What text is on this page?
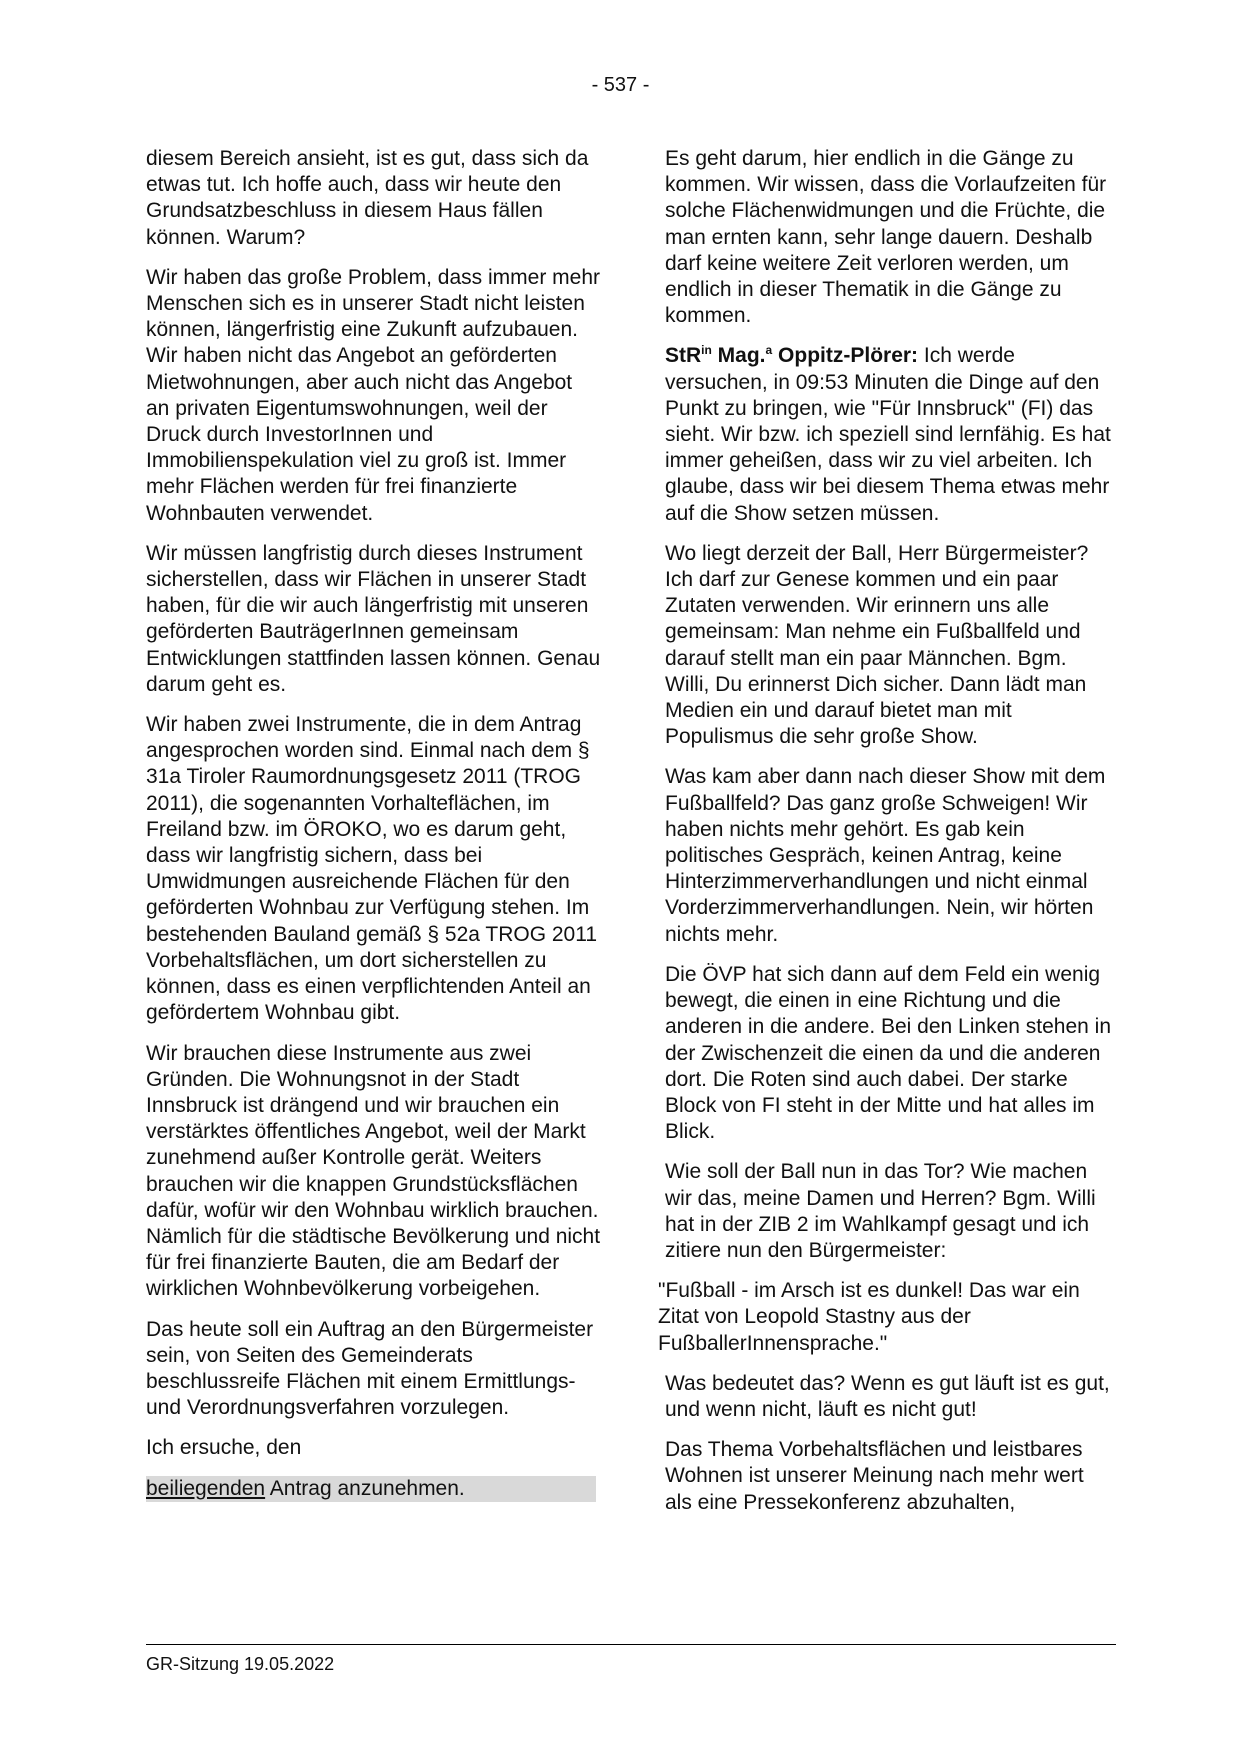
- 537 -

diesem Bereich ansieht, ist es gut, dass sich da etwas tut. Ich hoffe auch, dass wir heute den Grundsatzbeschluss in diesem Haus fällen können. Warum?

Wir haben das große Problem, dass immer mehr Menschen sich es in unserer Stadt nicht leisten können, längerfristig eine Zukunft aufzubauen. Wir haben nicht das Angebot an geförderten Mietwohnungen, aber auch nicht das Angebot an privaten Eigentumswohnungen, weil der Druck durch InvestorInnen und Immobilienspekulation viel zu groß ist. Immer mehr Flächen werden für frei finanzierte Wohnbauten verwendet.

Wir müssen langfristig durch dieses Instrument sicherstellen, dass wir Flächen in unserer Stadt haben, für die wir auch längerfristig mit unseren geförderten BauträgerInnen gemeinsam Entwicklungen stattfinden lassen können. Genau darum geht es.

Wir haben zwei Instrumente, die in dem Antrag angesprochen worden sind. Einmal nach dem § 31a Tiroler Raumordnungsgesetz 2011 (TROG 2011), die sogenannten Vorhalteflächen, im Freiland bzw. im ÖROKO, wo es darum geht, dass wir langfristig sichern, dass bei Umwidmungen ausreichende Flächen für den geförderten Wohnbau zur Verfügung stehen. Im bestehenden Bauland gemäß § 52a TROG 2011 Vorbehaltsflächen, um dort sicherstellen zu können, dass es einen verpflichtenden Anteil an gefördertem Wohnbau gibt.

Wir brauchen diese Instrumente aus zwei Gründen. Die Wohnungsnot in der Stadt Innsbruck ist drängend und wir brauchen ein verstärktes öffentliches Angebot, weil der Markt zunehmend außer Kontrolle gerät. Weiters brauchen wir die knappen Grundstücksflächen dafür, wofür wir den Wohnbau wirklich brauchen. Nämlich für die städtische Bevölkerung und nicht für frei finanzierte Bauten, die am Bedarf der wirklichen Wohnbevölkerung vorbeigehen.

Das heute soll ein Auftrag an den Bürgermeister sein, von Seiten des Gemeinderats beschlussreife Flächen mit einem Ermittlungs- und Verordnungsverfahren vorzulegen.

Ich ersuche, den

beiliegenden Antrag anzunehmen.

Es geht darum, hier endlich in die Gänge zu kommen. Wir wissen, dass die Vorlaufzeiten für solche Flächenwidmungen und die Früchte, die man ernten kann, sehr lange dauern. Deshalb darf keine weitere Zeit verloren werden, um endlich in dieser Thematik in die Gänge zu kommen.

StR$^{in}$ Mag.$^a$ Oppitz-Plörer: Ich werde versuchen, in 09:53 Minuten die Dinge auf den Punkt zu bringen, wie "Für Innsbruck" (FI) das sieht. Wir bzw. ich speziell sind lernfähig. Es hat immer geheißen, dass wir zu viel arbeiten. Ich glaube, dass wir bei diesem Thema etwas mehr auf die Show setzen müssen.

Wo liegt derzeit der Ball, Herr Bürgermeister? Ich darf zur Genese kommen und ein paar Zutaten verwenden. Wir erinnern uns alle gemeinsam: Man nehme ein Fußballfeld und darauf stellt man ein paar Männchen. Bgm. Willi, Du erinnerst Dich sicher. Dann lädt man Medien ein und darauf bietet man mit Populismus die sehr große Show.

Was kam aber dann nach dieser Show mit dem Fußballfeld? Das ganz große Schweigen! Wir haben nichts mehr gehört. Es gab kein politisches Gespräch, keinen Antrag, keine Hinterzimmerverhandlungen und nicht einmal Vorderzimmerverhandlungen. Nein, wir hörten nichts mehr.

Die ÖVP hat sich dann auf dem Feld ein wenig bewegt, die einen in eine Richtung und die anderen in die andere. Bei den Linken stehen in der Zwischenzeit die einen da und die anderen dort. Die Roten sind auch dabei. Der starke Block von FI steht in der Mitte und hat alles im Blick.

Wie soll der Ball nun in das Tor? Wie machen wir das, meine Damen und Herren? Bgm. Willi hat in der ZIB 2 im Wahlkampf gesagt und ich zitiere nun den Bürgermeister:

"Fußball - im Arsch ist es dunkel! Das war ein Zitat von Leopold Stastny aus der FußballerInnensprache."

Was bedeutet das? Wenn es gut läuft ist es gut, und wenn nicht, läuft es nicht gut!

Das Thema Vorbehaltsflächen und leistbares Wohnen ist unserer Meinung nach mehr wert als eine Pressekonferenz abzuhalten,

GR-Sitzung 19.05.2022
